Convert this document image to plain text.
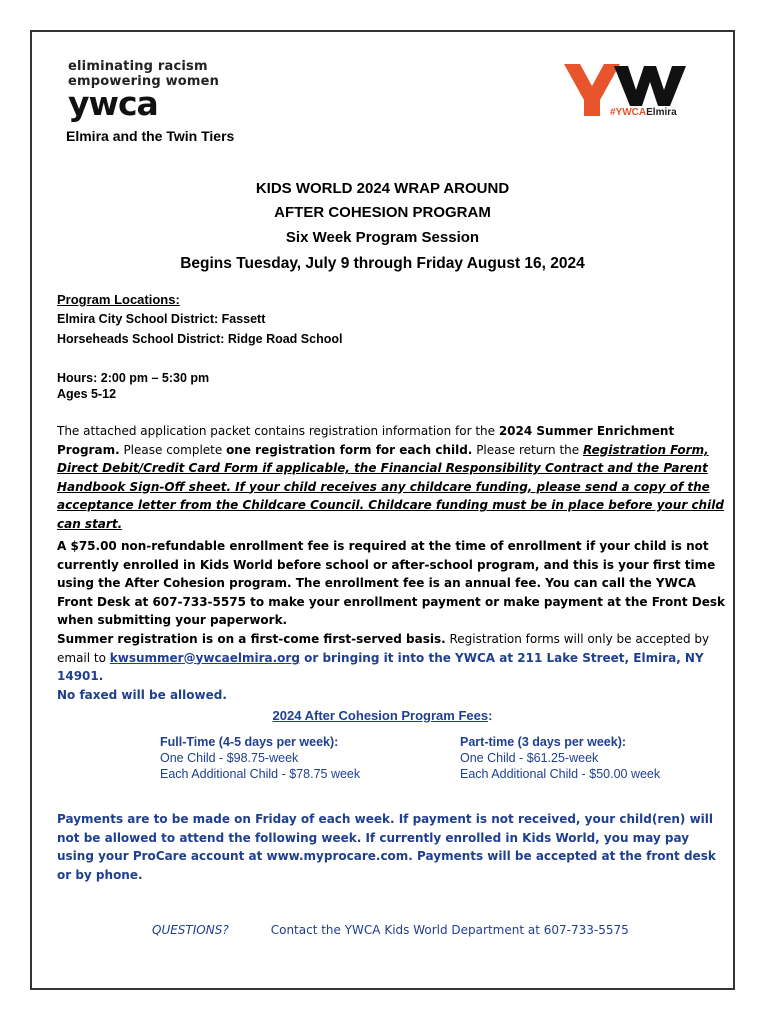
eliminating racism
empowering women
ywca
Elmira and the Twin Tiers
#YWCAElmira
KIDS WORLD 2024 WRAP AROUND
AFTER COHESION PROGRAM
Six Week Program Session
Begins Tuesday, July 9 through Friday August 16, 2024
Program Locations:
Elmira City School District: Fassett
Horseheads School District: Ridge Road School
Hours: 2:00 pm – 5:30 pm
Ages 5-12
The attached application packet contains registration information for the 2024 Summer Enrichment Program. Please complete one registration form for each child. Please return the Registration Form, Direct Debit/Credit Card Form if applicable, the Financial Responsibility Contract and the Parent Handbook Sign-Off sheet. If your child receives any childcare funding, please send a copy of the acceptance letter from the Childcare Council. Childcare funding must be in place before your child can start.
A $75.00 non-refundable enrollment fee is required at the time of enrollment if your child is not currently enrolled in Kids World before school or after-school program, and this is your first time using the After Cohesion program. The enrollment fee is an annual fee. You can call the YWCA Front Desk at 607-733-5575 to make your enrollment payment or make payment at the Front Desk when submitting your paperwork.
Summer registration is on a first-come first-served basis. Registration forms will only be accepted by email to kwsummer@ywcaelmira.org or bringing it into the YWCA at 211 Lake Street, Elmira, NY 14901.
No faxed will be allowed.
2024 After Cohesion Program Fees:
Full-Time (4-5 days per week):
One Child - $98.75-week
Each Additional Child - $78.75 week
Part-time (3 days per week):
One Child - $61.25-week
Each Additional Child - $50.00 week
Payments are to be made on Friday of each week. If payment is not received, your child(ren) will not be allowed to attend the following week. If currently enrolled in Kids World, you may pay using your ProCare account at www.myprocare.com. Payments will be accepted at the front desk or by phone.
QUESTIONS?	Contact the YWCA Kids World Department at 607-733-5575
